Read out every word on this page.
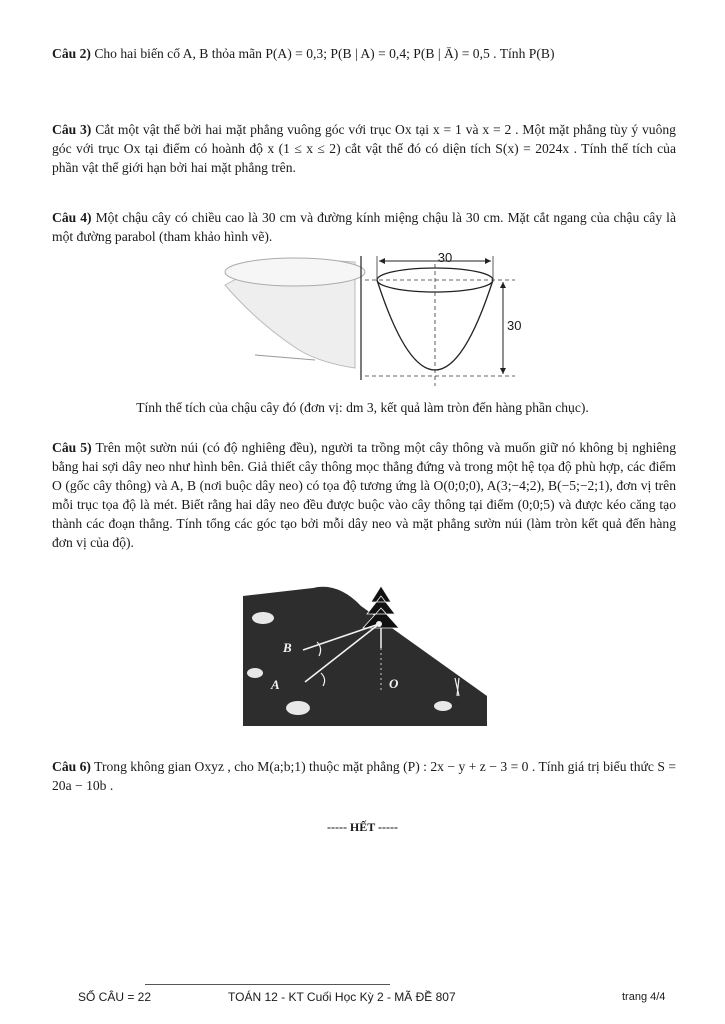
Câu 2) Cho hai biến cố A, B thỏa mãn P(A) = 0,3; P(B | A) = 0,4; P(B | Ā) = 0,5 . Tính P(B)
Câu 3) Cắt một vật thể bởi hai mặt phẳng vuông góc với trục Ox tại x = 1 và x = 2 . Một mặt phẳng tùy ý vuông góc với trục Ox tại điểm có hoành độ x (1 ≤ x ≤ 2) cắt vật thể đó có diện tích S(x) = 2024x . Tính thể tích của phần vật thể giới hạn bởi hai mặt phẳng trên.
Câu 4) Một chậu cây có chiều cao là 30 cm và đường kính miệng chậu là 30 cm. Mặt cắt ngang của chậu cây là một đường parabol (tham khảo hình vẽ).
30
30
Tính thể tích của chậu cây đó (đơn vị: dm 3, kết quả làm tròn đến hàng phần chục).
Câu 5) Trên một sườn núi (có độ nghiêng đều), người ta trồng một cây thông và muốn giữ nó không bị nghiêng bằng hai sợi dây neo như hình bên. Giả thiết cây thông mọc thẳng đứng và trong một hệ tọa độ phù hợp, các điểm O (gốc cây thông) và A, B (nơi buộc dây neo) có tọa độ tương ứng là O(0;0;0), A(3;−4;2), B(−5;−2;1), đơn vị trên mỗi trục tọa độ là mét. Biết rằng hai dây neo đều được buộc vào cây thông tại điểm (0;0;5) và được kéo căng tạo thành các đoạn thẳng. Tính tổng các góc tạo bởi mỗi dây neo và mặt phẳng sườn núi (làm tròn kết quả đến hàng đơn vị của độ).
B
A	O
Câu 6) Trong không gian Oxyz , cho M(a;b;1) thuộc mặt phẳng (P) : 2x − y + z − 3 = 0 . Tính giá trị biểu thức S = 20a − 10b .
----- HẾT -----
SỐ CÂU = 22	TOÁN 12 - KT Cuối Học Kỳ 2 - MÃ ĐỀ 807	trang 4/4
